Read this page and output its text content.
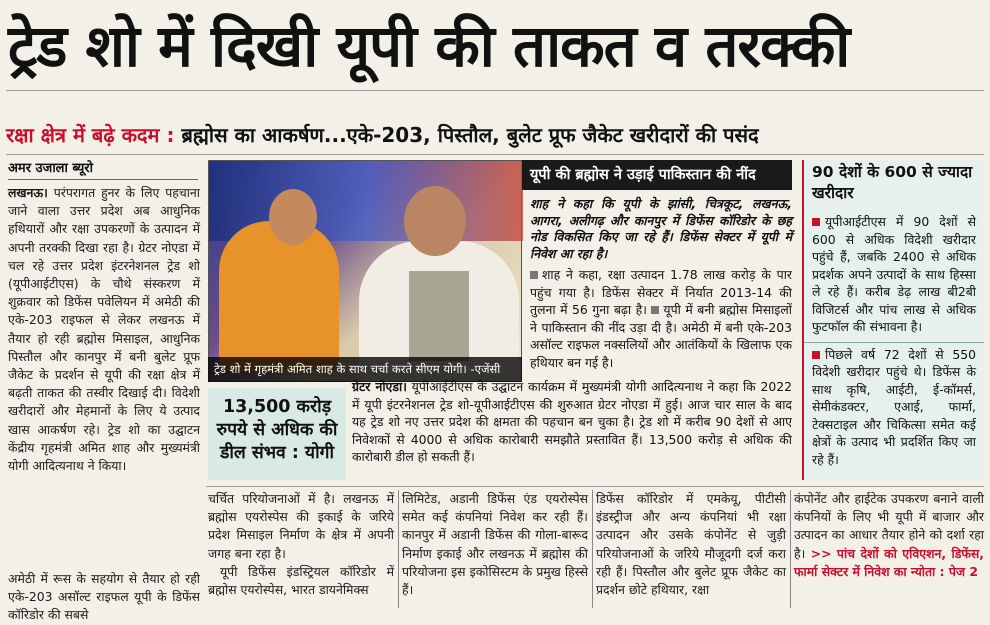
ट्रेड शो में दिखी यूपी की ताकत व तरक्की
रक्षा क्षेत्र में बढ़े कदम : ब्रह्मोस का आकर्षण...एके-203, पिस्तौल, बुलेट प्रूफ जैकेट खरीदारों की पसंद
अमर उजाला ब्यूरो
लखनऊ। परंपरागत हुनर के लिए पहचाना जाने वाला उत्तर प्रदेश अब आधुनिक हथियारों और रक्षा उपकरणों के उत्पादन में अपनी तरक्की दिखा रहा है। ग्रेटर नोएडा में चल रहे उत्तर प्रदेश इंटरनेशनल ट्रेड शो (यूपीआईटीएस) के चौथे संस्करण में शुक्रवार को डिफेंस पवेलियन में अमेठी की एके-203 राइफल से लेकर लखनऊ में तैयार हो रही ब्रह्मोस मिसाइल, आधुनिक पिस्तौल और कानपुर में बनी बुलेट प्रूफ जैकेट के प्रदर्शन से यूपी की रक्षा क्षेत्र में बढ़ती ताकत की तस्वीर दिखाई दी। विदेशी खरीदारों और मेहमानों के लिए ये उत्पाद खास आकर्षण रहे। ट्रेड शो का उद्घाटन केंद्रीय गृहमंत्री अमित शाह और मुख्यमंत्री योगी आदित्यनाथ ने किया।
ट्रेड शो में गृहमंत्री अमित शाह के साथ चर्चा करते सीएम योगी। -एजेंसी
यूपी की ब्रह्मोस ने उड़ाई पाकिस्तान की नींद
शाह ने कहा कि यूपी के झांसी, चित्रकूट, लखनऊ, आगरा, अलीगढ़ और कानपुर में डिफेंस कॉरिडोर के छह नोड विकसित किए जा रहे हैं। डिफेंस सेक्टर में यूपी में निवेश आ रहा है।
शाह ने कहा, रक्षा उत्पादन 1.78 लाख करोड़ के पार पहुंच गया है। डिफेंस सेक्टर में निर्यात 2013-14 की तुलना में 56 गुना बढ़ा है। यूपी में बनी ब्रह्मोस मिसाइलों ने पाकिस्तान की नींद उड़ा दी है। अमेठी में बनी एके-203 असॉल्ट राइफल नक्सलियों और आतंकियों के खिलाफ एक हथियार बन गई है।
13,500 करोड़ रुपये से अधिक की डील संभव : योगी
ग्रेटर नोएडा। यूपीआईटीएस के उद्घाटन कार्यक्रम में मुख्यमंत्री योगी आदित्यनाथ ने कहा कि 2022 में यूपी इंटरनेशनल ट्रेड शो-यूपीआईटीएस की शुरुआत ग्रेटर नोएडा में हुई। आज चार साल के बाद यह ट्रेड शो नए उत्तर प्रदेश की क्षमता की पहचान बन चुका है। ट्रेड शो में करीब 90 देशों से आए निवेशकों से 4000 से अधिक कारोबारी समझौते प्रस्तावित हैं। 13,500 करोड़ से अधिक की कारोबारी डील हो सकती हैं।
90 देशों के 600 से ज्यादा खरीदार
यूपीआईटीएस में 90 देशों से 600 से अधिक विदेशी खरीदार पहुंचे हैं, जबकि 2400 से अधिक प्रदर्शक अपने उत्पादों के साथ हिस्सा ले रहे हैं। करीब डेढ़ लाख बी2बी विजिटर्स और पांच लाख से अधिक फुटफॉल की संभावना है।
पिछले वर्ष 72 देशों से 550 विदेशी खरीदार पहुंचे थे। डिफेंस के साथ कृषि, आईटी, ई-कॉमर्स, सेमीकंडक्टर, एआई, फार्मा, टेक्सटाइल और चिकित्सा समेत कई क्षेत्रों के उत्पाद भी प्रदर्शित किए जा रहे हैं।
अमेठी में रूस के सहयोग से तैयार हो रही एके-203 असॉल्ट राइफल यूपी के डिफेंस कॉरिडोर की सबसे
चर्चित परियोजनाओं में है। लखनऊ में ब्रह्मोस एयरोस्पेस की इकाई के जरिये प्रदेश मिसाइल निर्माण के क्षेत्र में अपनी जगह बना रहा है।
यूपी डिफेंस इंडस्ट्रियल कॉरिडोर में ब्रह्मोस एयरोस्पेस, भारत डायनेमिक्स
लिमिटेड, अडानी डिफेंस एंड एयरोस्पेस समेत कई कंपनियां निवेश कर रही हैं। कानपुर में अडानी डिफेंस की गोला-बारूद निर्माण इकाई और लखनऊ में ब्रह्मोस की परियोजना इस इकोसिस्टम के प्रमुख हिस्से हैं।
डिफेंस कॉरिडोर में एमकेयू, पीटीसी इंडस्ट्रीज और अन्य कंपनियां भी रक्षा उत्पादन और उसके कंपोनेंट से जुड़ी परियोजनाओं के जरिये मौजूदगी दर्ज करा रही हैं। पिस्तौल और बुलेट प्रूफ जैकेट का प्रदर्शन छोटे हथियार, रक्षा
कंपोनेंट और हाईटेक उपकरण बनाने वाली कंपनियों के लिए भी यूपी में बाजार और उत्पादन का आधार तैयार होने को दर्शा रहा है। >> पांच देशों को एविएशन, डिफेंस, फार्मा सेक्टर में निवेश का न्योता : पेज 2
